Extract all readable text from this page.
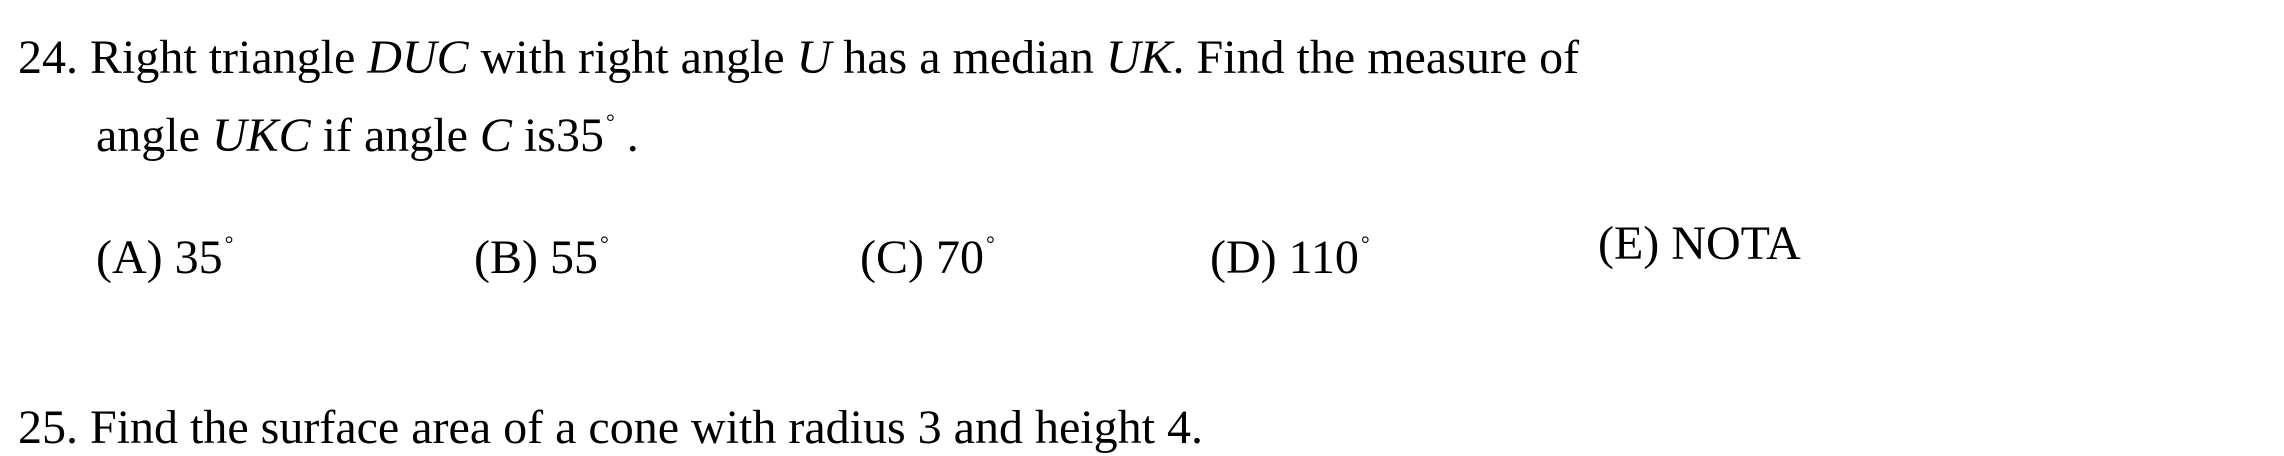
24. Right triangle DUC with right angle U has a median UK. Find the measure of
angle UKC if angle C is35° .
(A) 35°	(B) 55°	(C) 70°	(D) 110°	(E) NOTA
25. Find the surface area of a cone with radius 3 and height 4.
